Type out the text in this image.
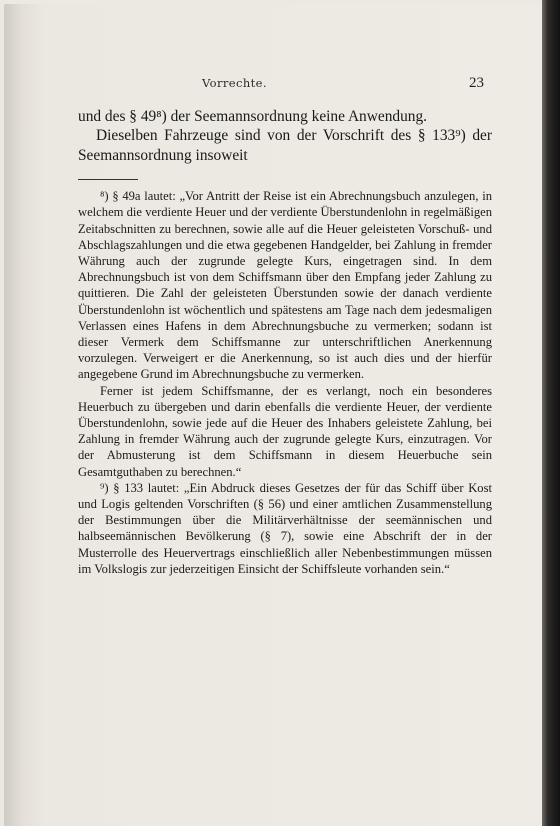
Vorrechte.	23

und des § 49⁸) der Seemannsordnung keine Anwendung.

Dieselben Fahrzeuge sind von der Vorschrift des § 133⁹) der Seemannsordnung insoweit

⁸) § 49a lautet: „Vor Antritt der Reise ist ein Abrechnungsbuch anzulegen, in welchem die verdiente Heuer und der verdiente Überstundenlohn in regelmäßigen Zeitabschnitten zu berechnen, sowie alle auf die Heuer geleisteten Vorschuß- und Abschlagszahlungen und die etwa gegebenen Handgelder, bei Zahlung in fremder Währung auch der zugrunde gelegte Kurs, eingetragen sind. In dem Abrechnungsbuch ist von dem Schiffsmann über den Empfang jeder Zahlung zu quittieren. Die Zahl der geleisteten Überstunden sowie der danach verdiente Überstundenlohn ist wöchentlich und spätestens am Tage nach dem jedesmaligen Verlassen eines Hafens in dem Abrechnungsbuche zu vermerken; sodann ist dieser Vermerk dem Schiffsmanne zur unterschriftlichen Anerkennung vorzulegen. Verweigert er die Anerkennung, so ist auch dies und der hierfür angegebene Grund im Abrechnungsbuche zu vermerken.

Ferner ist jedem Schiffsmanne, der es verlangt, noch ein besonderes Heuerbuch zu übergeben und darin ebenfalls die verdiente Heuer, der verdiente Überstundenlohn, sowie jede auf die Heuer des Inhabers geleistete Zahlung, bei Zahlung in fremder Währung auch der zugrunde gelegte Kurs, einzutragen. Vor der Abmusterung ist dem Schiffsmann in diesem Heuerbuche sein Gesamtguthaben zu berechnen.“

⁹) § 133 lautet: „Ein Abdruck dieses Gesetzes der für das Schiff über Kost und Logis geltenden Vorschriften (§ 56) und einer amtlichen Zusammenstellung der Bestimmungen über die Militärverhältnisse der seemännischen und halbseemännischen Bevölkerung (§ 7), sowie eine Abschrift der in der Musterrolle des Heuervertrags einschließlich aller Nebenbestimmungen müssen im Volkslogis zur jederzeitigen Einsicht der Schiffsleute vorhanden sein.“
